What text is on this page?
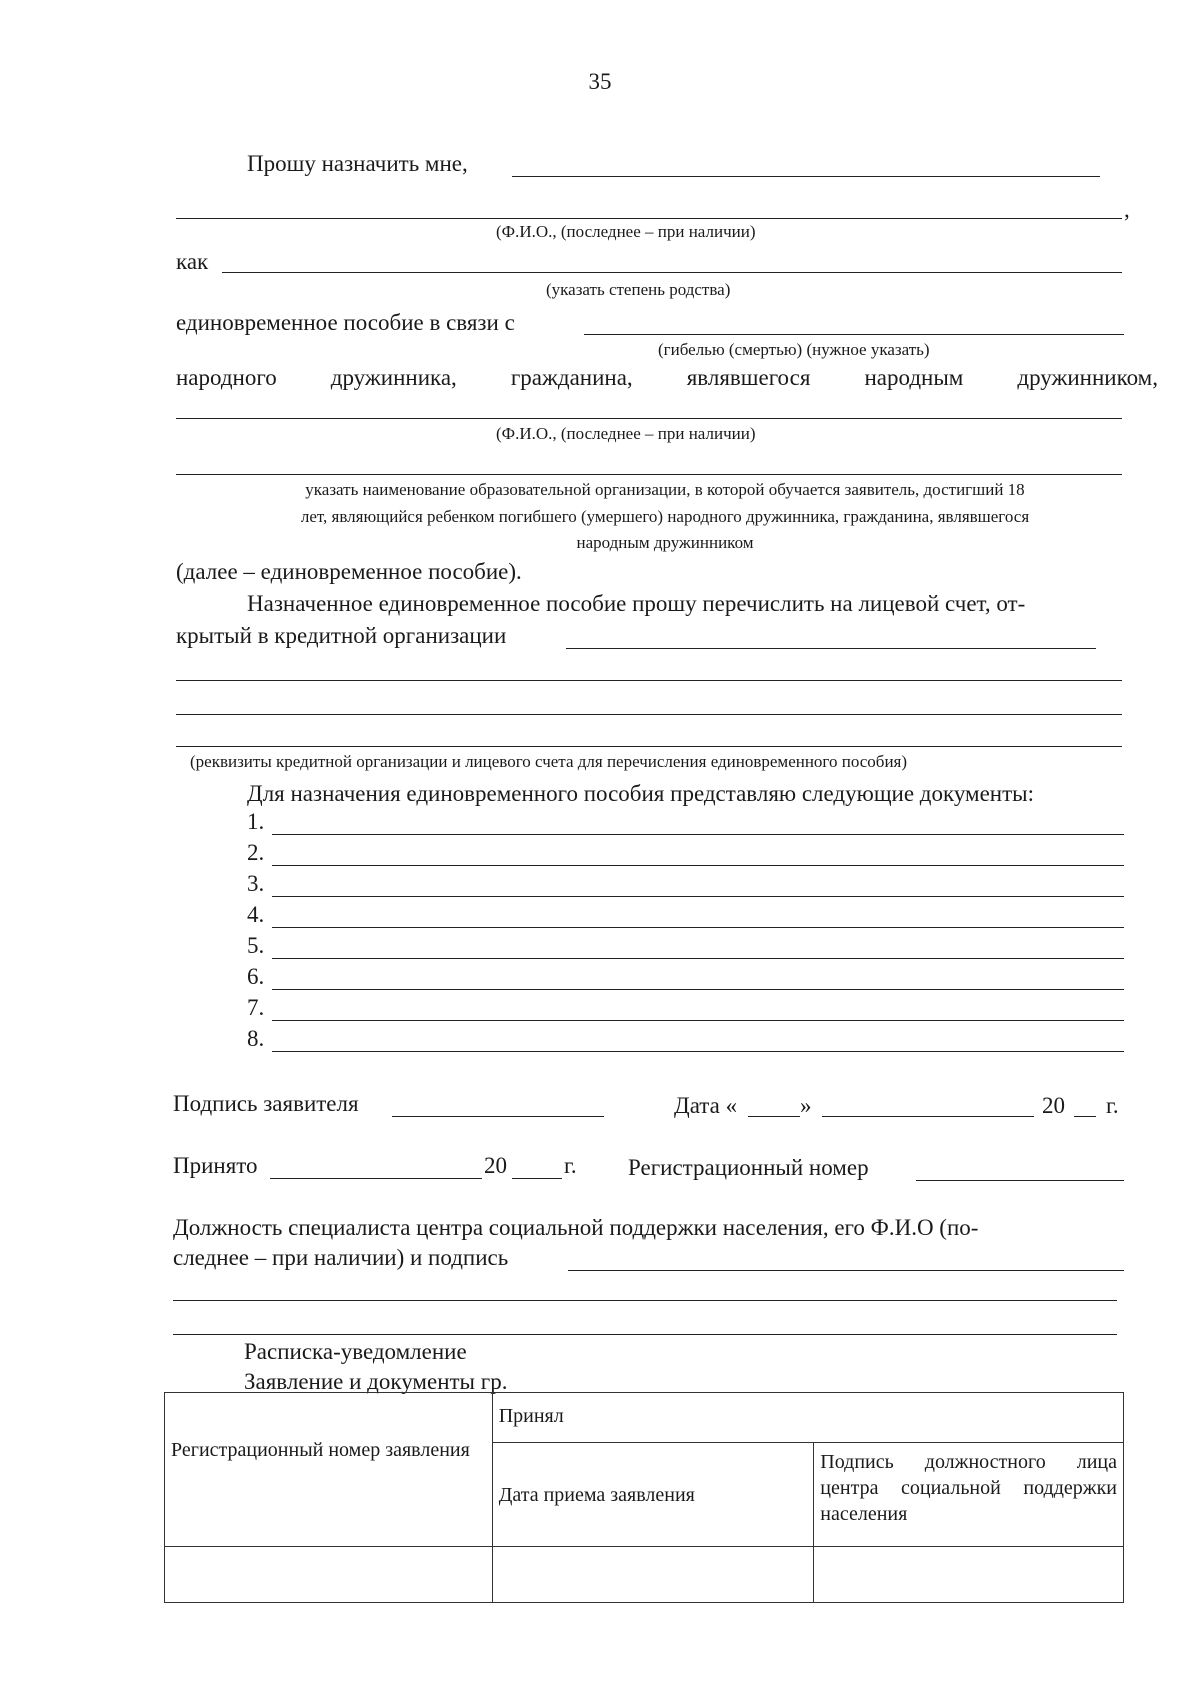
35
Прошу назначить мне,
,
(Ф.И.О., (последнее – при наличии)
как
(указать степень родства)
единовременное пособие в связи с
(гибелью (смертью) (нужное указать)
народного дружинника, гражданина, являвшегося народным дружинником,
(Ф.И.О., (последнее – при наличии)
указать наименование образовательной организации, в которой обучается заявитель, достигший 18
лет, являющийся ребенком погибшего (умершего) народного дружинника, гражданина, являвшегося
народным дружинником
(далее – единовременное пособие).
Назначенное единовременное пособие прошу перечислить на лицевой счет, от-
крытый в кредитной организации
(реквизиты кредитной организации и лицевого счета для перечисления единовременного пособия)
Для назначения единовременного пособия представляю следующие документы:
1.
2.
3.
4.
5.
6.
7.
8.
Подпись заявителя	Дата «	»	20 г.
Принято	20 г. Регистрационный номер
Должность специалиста центра социальной поддержки населения, его Ф.И.О (по-
следнее – при наличии) и подпись
Расписка-уведомление
Заявление и документы гр.
Регистрационный номер заявления	Принял	
	Дата приема заявления	Подпись должностного лица центра социальной поддержки населения
